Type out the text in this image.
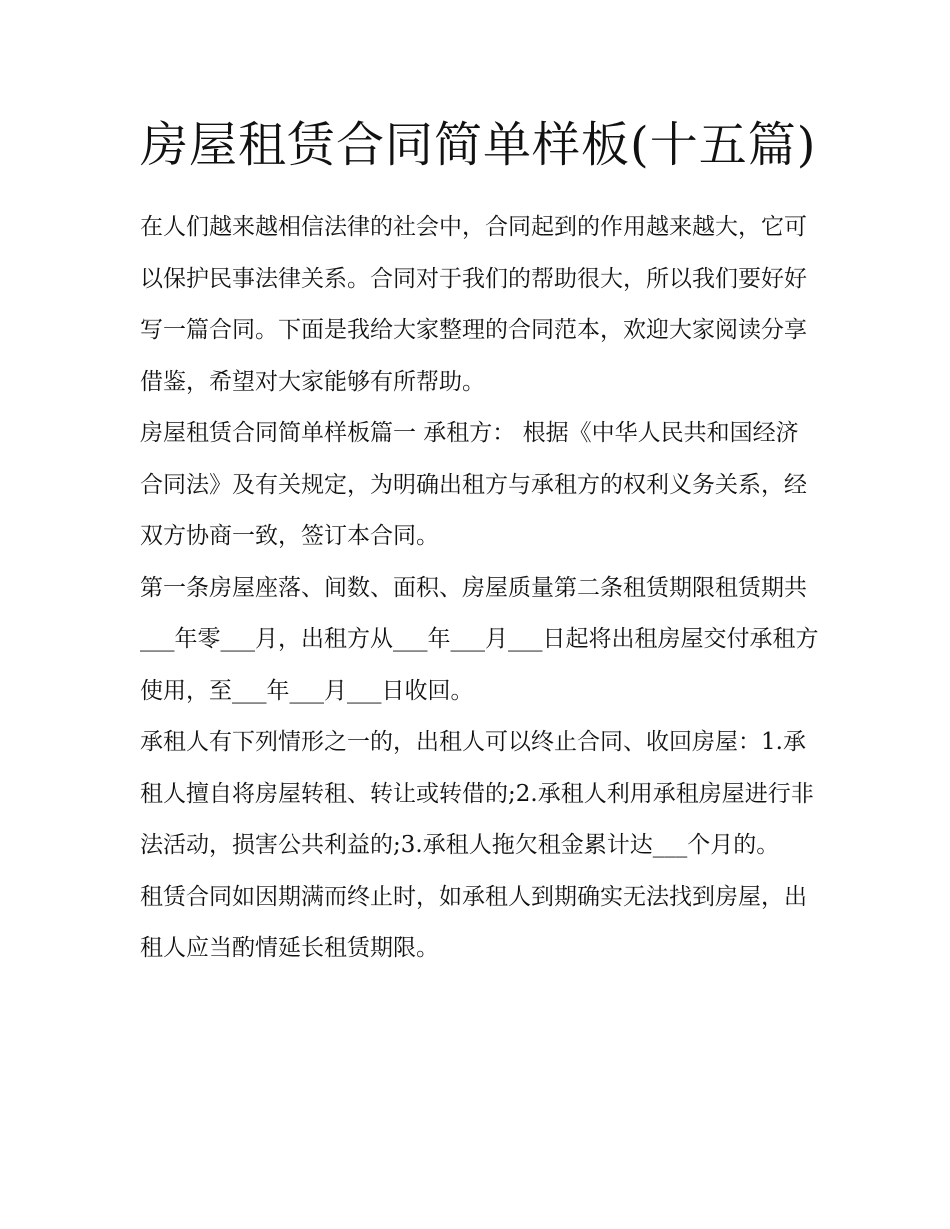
房屋租赁合同简单样板(十五篇)

在人们越来越相信法律的社会中，合同起到的作用越来越大，它可以保护民事法律关系。合同对于我们的帮助很大，所以我们要好好写一篇合同。下面是我给大家整理的合同范本，欢迎大家阅读分享借鉴，希望对大家能够有所帮助。

房屋租赁合同简单样板篇一 承租方： 根据《中华人民共和国经济合同法》及有关规定，为明确出租方与承租方的权利义务关系，经双方协商一致，签订本合同。

第一条房屋座落、间数、面积、房屋质量第二条租赁期限租赁期共___年零___月，出租方从___年___月___日起将出租房屋交付承租方使用，至___年___月___日收回。

承租人有下列情形之一的，出租人可以终止合同、收回房屋：1.承租人擅自将房屋转租、转让或转借的;2.承租人利用承租房屋进行非法活动，损害公共利益的;3.承租人拖欠租金累计达___个月的。

租赁合同如因期满而终止时，如承租人到期确实无法找到房屋，出租人应当酌情延长租赁期限。
